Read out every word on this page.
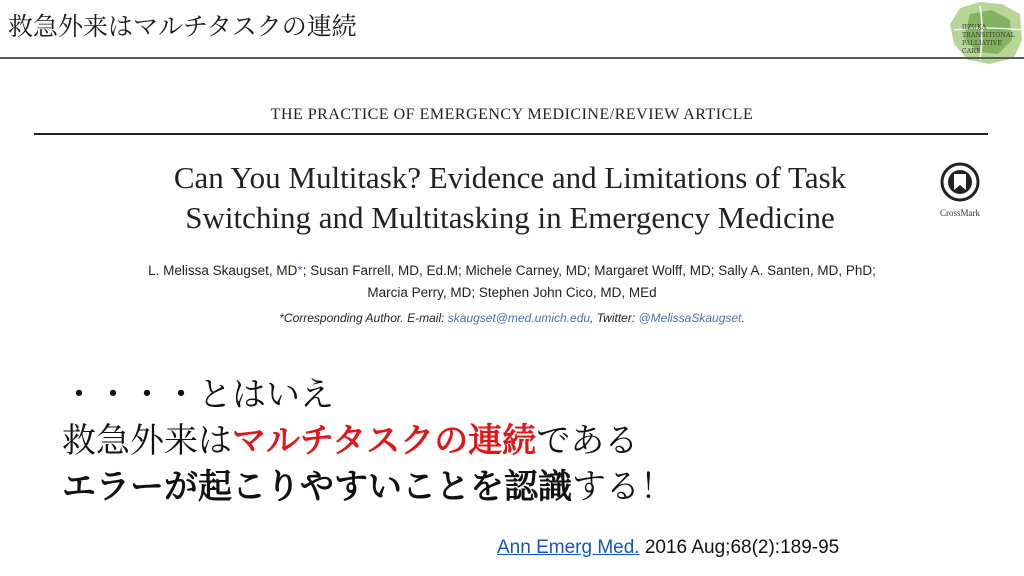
救急外来はマルチタスクの連続	IIZUKA
TRANSITIONAL
PALLIATIVE
CARE
THE PRACTICE OF EMERGENCY MEDICINE/REVIEW ARTICLE
Can You Multitask? Evidence and Limitations of Task
Switching and Multitasking in Emergency Medicine	CrossMark
L. Melissa Skaugset, MD*; Susan Farrell, MD, Ed.M; Michele Carney, MD; Margaret Wolff, MD; Sally A. Santen, MD, PhD;
Marcia Perry, MD; Stephen John Cico, MD, MEd
*Corresponding Author. E-mail: skaugset@med.umich.edu, Twitter: @MelissaSkaugset.
・・・・とはいえ
救急外来はマルチタスクの連続である
エラーが起こりやすいことを認識する！
Ann Emerg Med. 2016 Aug;68(2):189-95
